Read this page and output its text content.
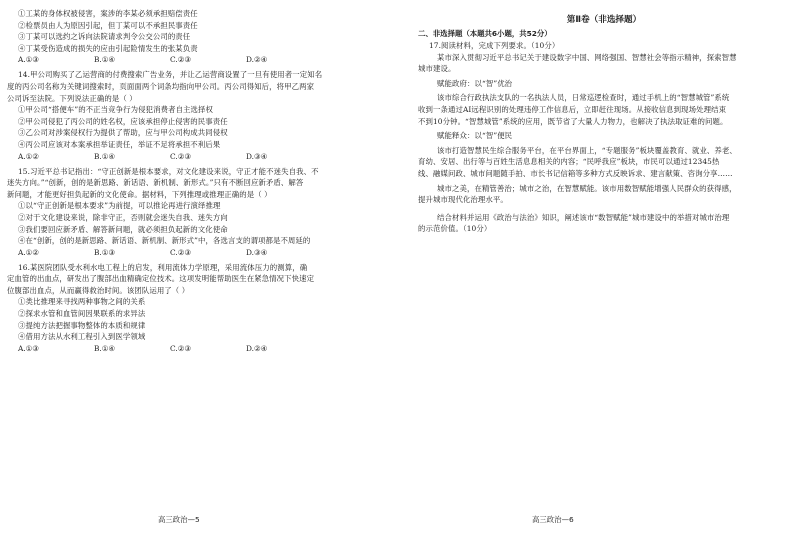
①工某的身体权被侵害，案涉的李某必须承担赔偿责任
②检票员由人为原因引起，但丁某可以不承担民事责任
③丁某可以选约之诉向法院请求判令公交公司的责任
④丁某受伤造成的损失的应由引起险情发生的张某负责
A.①③	B.①④	C.②③	D.②④
14.甲公司购买了乙运营商的付费搜索广告业务，并让乙运营商设置了一旦有使用者一定知名
度的丙公司名称为关键词搜索时，页面面两个词条均指向甲公司。丙公司得知后，将甲乙两家
公司诉至法院。下列说法正确的是（ ）
①甲公司“搭便车”的不正当竞争行为侵犯消费者自主选择权
②甲公司侵犯了丙公司的姓名权，应该承担停止侵害的民事责任
③乙公司对涉案侵权行为提供了帮助，应与甲公司构成共同侵权
④丙公司应该对本案承担举证责任，举证不足将承担不利后果
A.①②	B.①④	C.②③	D.③④
15.习近平总书记指出：“守正创新是根本要求，对文化建设来说，守正才能不迷失自我、不
迷失方向。”“创新，创的是新思路、新话语、新机制、新形式。”只有不断回应新矛盾、解答
新问题，才能更好担负起新的文化使命。据材料，下列推理或推理正确的是（ ）
①以“守正创新是根本要求”为前提，可以推论再进行演绎推理
②对于文化建设来说，除非守正，否则就会迷失自我、迷失方向
③我们要回应新矛盾、解答新问题，就必须担负起新的文化使命
④在“创新，创的是新思路、新话语、新机制、新形式”中，各选言支的谓项都是不周延的
A.①②	B.①③	C.②③	D.③④
16.某医院团队受水利水电工程上的启发，利用流体力学原理，采用流体压力的测算，确
定血管的出血点，研发出了腹部出血精确定位技术。这项发明能帮助医生在紧急情况下快速定
位腹部出血点，从而赢得救治时间。该团队运用了（ ）
①类比推理来寻找两种事物之间的关系
②探求水管和血管间因果联系的求异法
③提纯方法把握事物整体的本质和规律
④借用方法从水利工程引入到医学领域
A.①③	B.①④	C.②③	D.②④
高三政治—5
第Ⅱ卷（非选择题）
二、非选择题（本题共6小题，共52分）
17.阅读材料，完成下列要求。（10分）
某市深入贯彻习近平总书记关于建设数字中国、网络强国、智慧社会等指示精神，探索智慧
城市建设。
赋能政府：以“智”优治
该市综合行政执法支队的一名执法人员，日常巡逻检查时，通过手机上的“智慧城管”系统
收到一条通过AI远程识别的处理违停工作信息后，立即赶往现场。从接收信息到现场处理结束
不到10分钟。“智慧城管”系统的应用，既节省了大量人力物力，也解决了执法取证难的问题。
赋能释众：以“智”便民
该市打造智慧民生综合服务平台，在平台界面上，“专题服务”板块覆盖教育、就业、养老、
育幼、安居、出行等与百姓生活息息相关的内容；“民呼我应”板块，市民可以通过12345热
线、融媒问政、城市问题随手拍、市长书记信箱等多种方式反映诉求、建言献策、咨询分享……
城市之美，在精管善治；城市之治，在智慧赋能。该市用数智赋能增强人民群众的获得感，
提升城市现代化治理水平。
结合材料并运用《政治与法治》知识，阐述该市“数智赋能”城市建设中的举措对城市治理
的示范价值。（10分）
高三政治—6
